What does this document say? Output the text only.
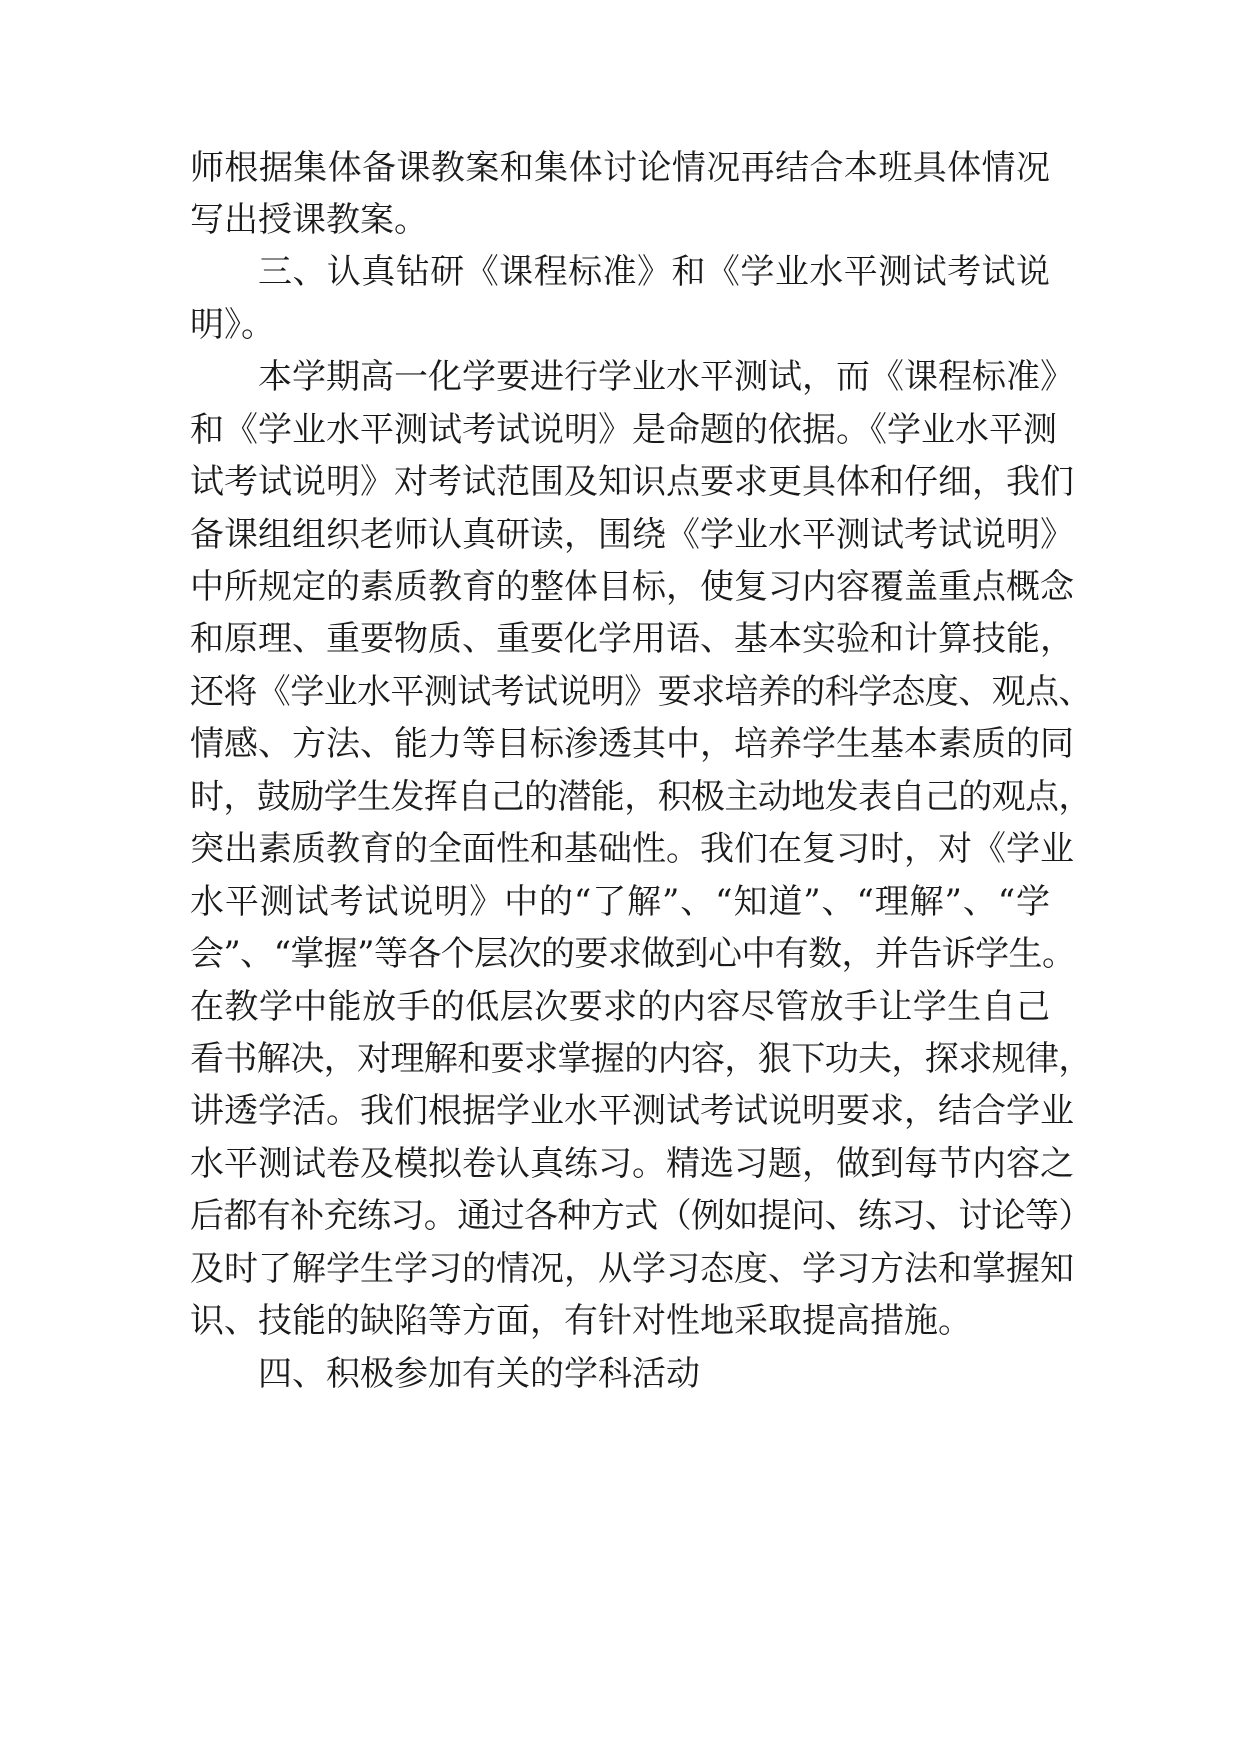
师根据集体备课教案和集体讨论情况再结合本班具体情况

写出授课教案。

三、认真钻研《课程标准》和《学业水平测试考试说

明》。

本学期高一化学要进行学业水平测试，而《课程标准》

和《学业水平测试考试说明》是命题的依据。《学业水平测

试考试说明》对考试范围及知识点要求更具体和仔细，我们

备课组组织老师认真研读，围绕《学业水平测试考试说明》

中所规定的素质教育的整体目标，使复习内容覆盖重点概念

和原理、重要物质、重要化学用语、基本实验和计算技能，

还将《学业水平测试考试说明》要求培养的科学态度、观点、

情感、方法、能力等目标渗透其中，培养学生基本素质的同

时，鼓励学生发挥自己的潜能，积极主动地发表自己的观点，

突出素质教育的全面性和基础性。我们在复习时，对《学业

水平测试考试说明》中的“了解”、“知道”、“理解”、“学

会”、“掌握”等各个层次的要求做到心中有数，并告诉学生。

在教学中能放手的低层次要求的内容尽管放手让学生自己

看书解决，对理解和要求掌握的内容，狠下功夫，探求规律，

讲透学活。我们根据学业水平测试考试说明要求，结合学业

水平测试卷及模拟卷认真练习。精选习题，做到每节内容之

后都有补充练习。通过各种方式（例如提问、练习、讨论等）

及时了解学生学习的情况，从学习态度、学习方法和掌握知

识、技能的缺陷等方面，有针对性地采取提高措施。

四、积极参加有关的学科活动
